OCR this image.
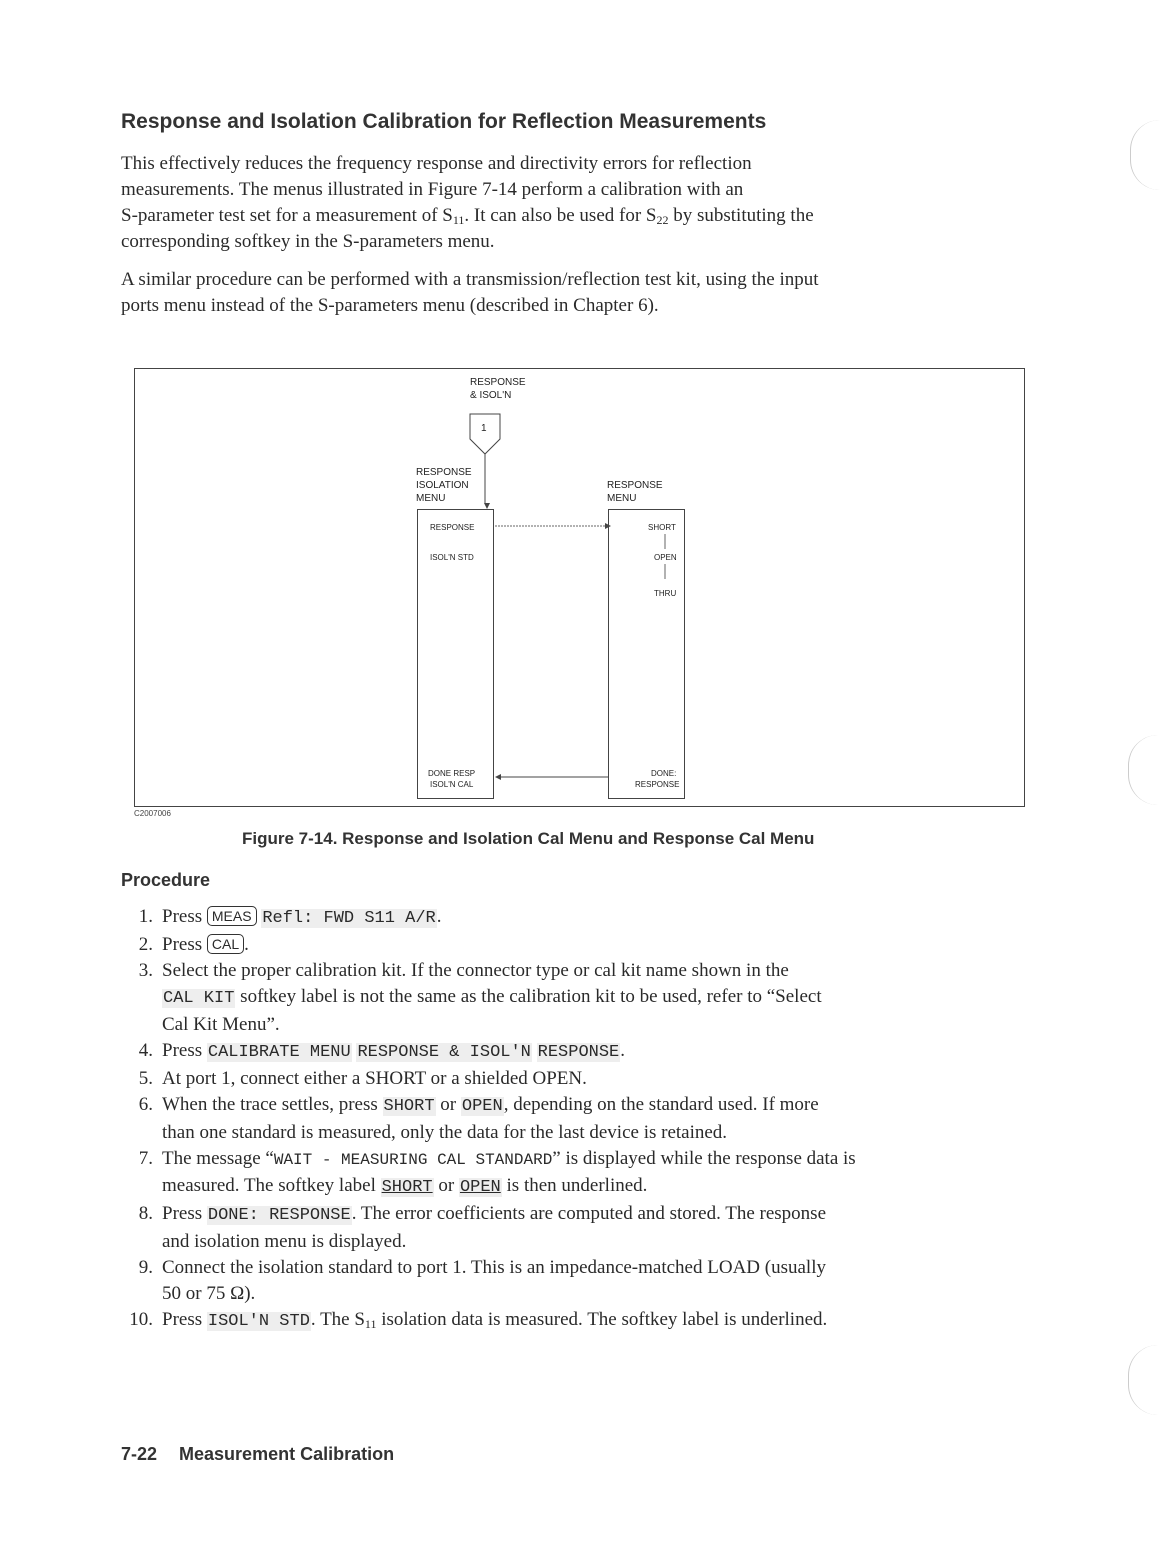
Response and Isolation Calibration for Reflection Measurements
This effectively reduces the frequency response and directivity errors for reflection
measurements. The menus illustrated in Figure 7-14 perform a calibration with an
S-parameter test set for a measurement of $S_{11}$. It can also be used for $S_{22}$ by substituting the
corresponding softkey in the S-parameters menu.
A similar procedure can be performed with a transmission/reflection test kit, using the input
ports menu instead of the S-parameters menu (described in Chapter 6).
RESPONSE
& ISOL'N
1
RESPONSE
ISOLATION
MENU
RESPONSE
MENU
RESPONSE
ISOL'N STD
DONE RESP
ISOL'N CAL
SHORT
OPEN
THRU
DONE:
RESPONSE
C2007006
Figure 7-14. Response and Isolation Cal Menu and Response Cal Menu
Procedure
1. Press MEAS Refl: FWD S11 A/R.
2. Press CAL .
3. Select the proper calibration kit. If the connector type or cal kit name shown in the
CAL KIT softkey label is not the same as the calibration kit to be used, refer to “Select
Cal Kit Menu”.
4. Press CALIBRATE MENU RESPONSE & ISOL'N RESPONSE.
5. At port 1, connect either a SHORT or a shielded OPEN.
6. When the trace settles, press SHORT or OPEN, depending on the standard used. If more
than one standard is measured, only the data for the last device is retained.
7. The message “WAIT - MEASURING CAL STANDARD” is displayed while the response data is
measured. The softkey label SHORT or OPEN is then underlined.
8. Press DONE: RESPONSE. The error coefficients are computed and stored. The response
and isolation menu is displayed.
9. Connect the isolation standard to port 1. This is an impedance-matched LOAD (usually
50 or 75 Ω).
10. Press ISOL'N STD. The $S_{11}$ isolation data is measured. The softkey label is underlined.
7-22 Measurement Calibration
